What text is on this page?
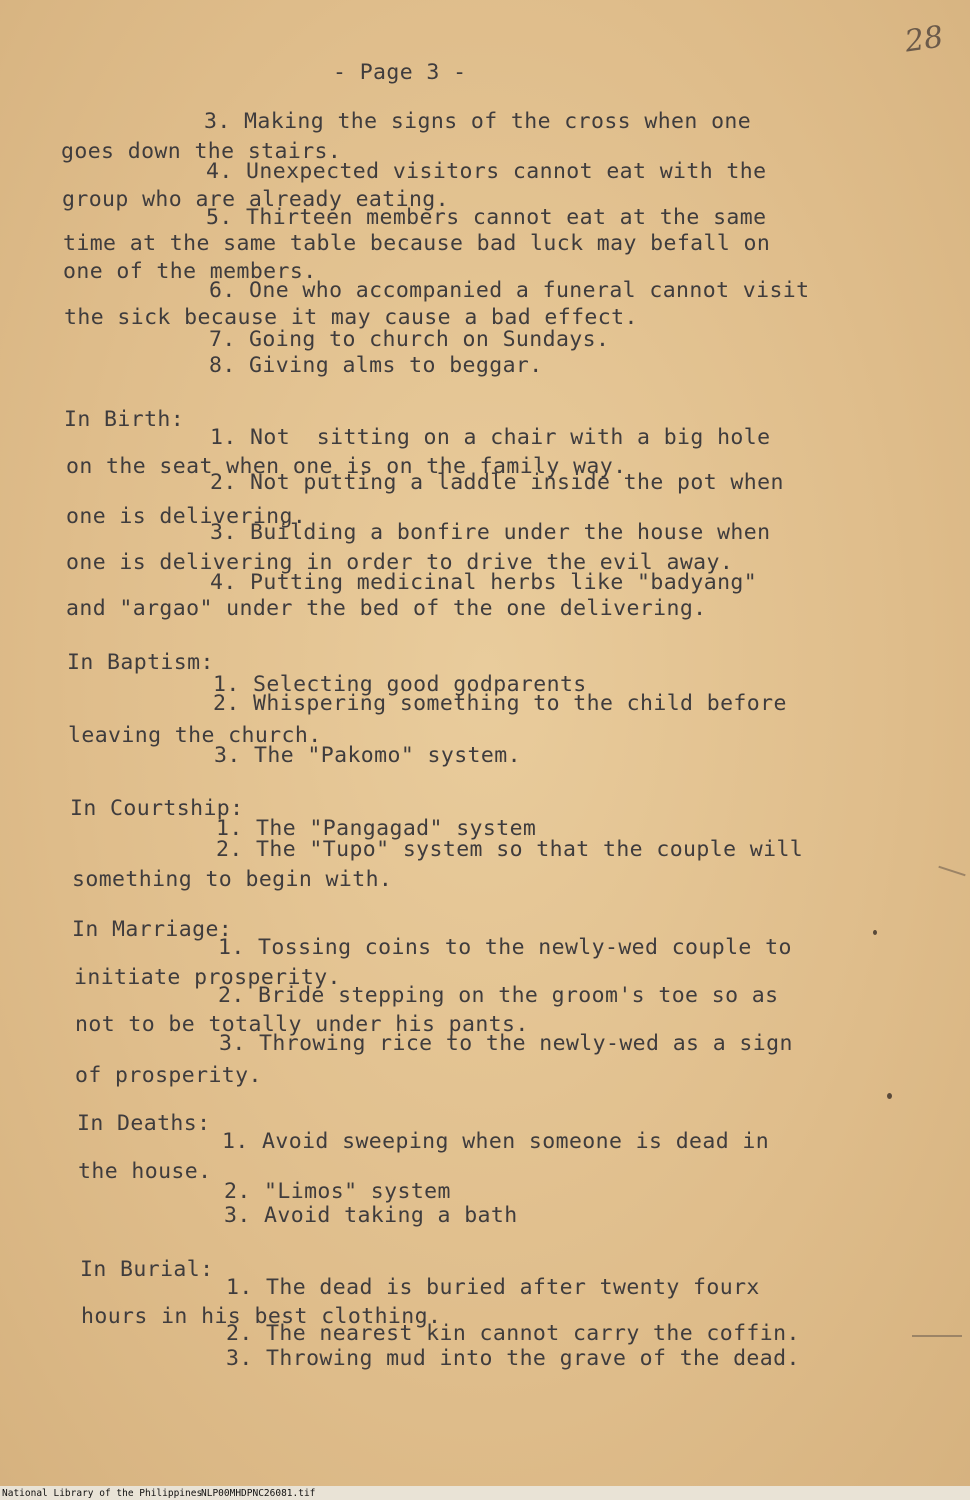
28
- Page 3 -
3. Making the signs of the cross when one
goes down the stairs.
4. Unexpected visitors cannot eat with the
group who are already eating.
5. Thirteen members cannot eat at the same
time at the same table because bad luck may befall on
one of the members.
6. One who accompanied a funeral cannot visit
the sick because it may cause a bad effect.
7. Going to church on Sundays.
8. Giving alms to beggar.
In Birth:
1. Not  sitting on a chair with a big hole
on the seat when one is on the family way.
2. Not putting a laddle inside the pot when
one is delivering.
3. Building a bonfire under the house when
one is delivering in order to drive the evil away.
4. Putting medicinal herbs like "badyang"
and "argao" under the bed of the one delivering.
In Baptism:
1. Selecting good godparents
2. Whispering something to the child before
leaving the church.
3. The "Pakomo" system.
In Courtship:
1. The "Pangagad" system
2. The "Tupo" system so that the couple will
something to begin with.
In Marriage:
1. Tossing coins to the newly-wed couple to
initiate prosperity.
2. Bride stepping on the groom's toe so as
not to be totally under his pants.
3. Throwing rice to the newly-wed as a sign
of prosperity.
In Deaths:
1. Avoid sweeping when someone is dead in
the house.
2. "Limos" system
3. Avoid taking a bath
In Burial:
1. The dead is buried after twenty fourx
hours in his best clothing.
2. The nearest kin cannot carry the coffin.
3. Throwing mud into the grave of the dead.
National Library of the Philippines
NLP00MHDPNC26081.tif
